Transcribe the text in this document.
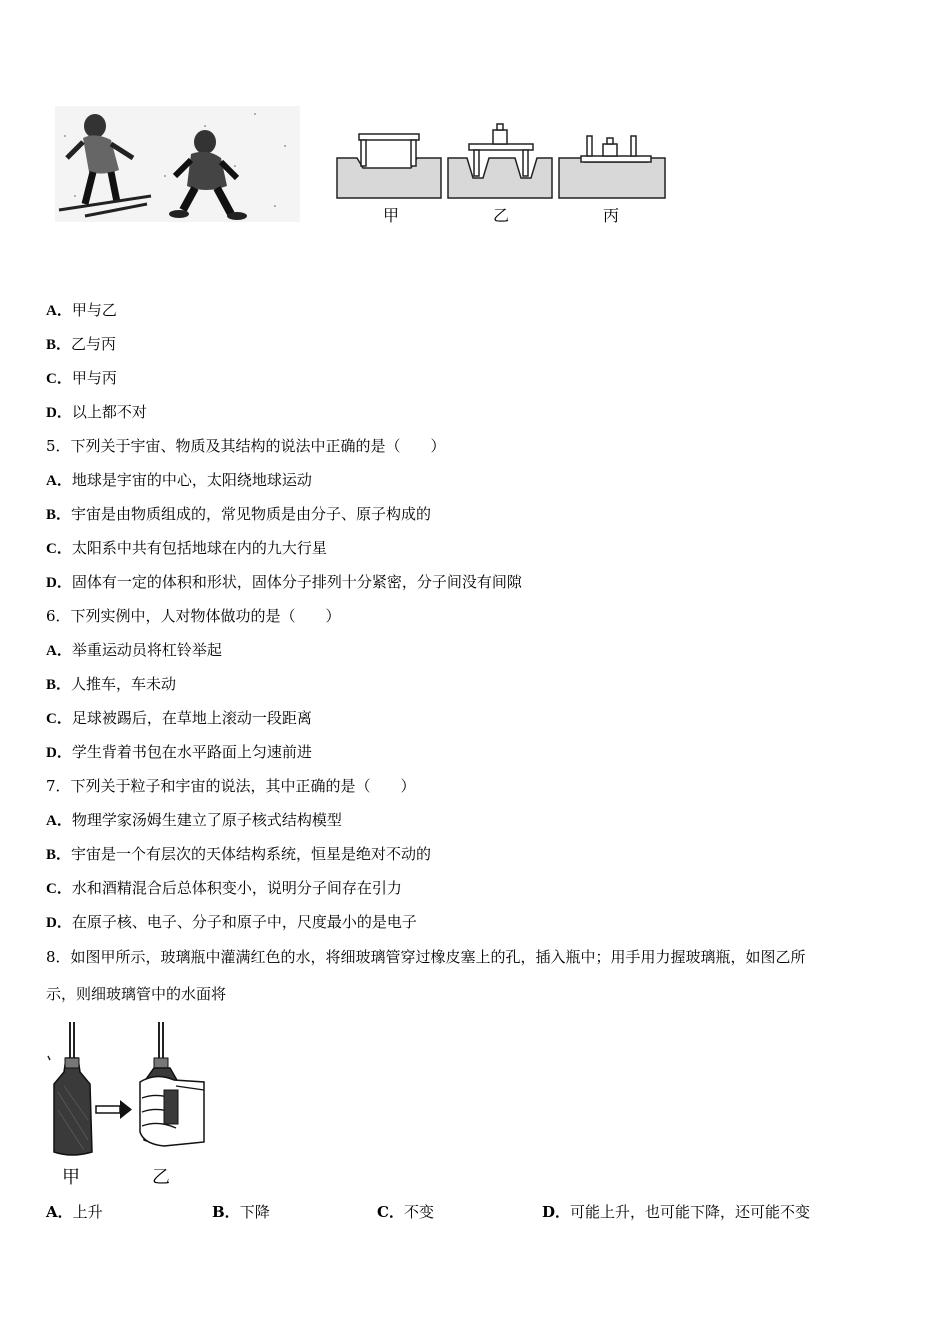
甲	乙	丙
A．甲与乙
B．乙与丙
C．甲与丙
D．以上都不对
5．下列关于宇宙、物质及其结构的说法中正确的是（　　）
A．地球是宇宙的中心，太阳绕地球运动
B．宇宙是由物质组成的，常见物质是由分子、原子构成的
C．太阳系中共有包括地球在内的九大行星
D．固体有一定的体积和形状，固体分子排列十分紧密，分子间没有间隙
6．下列实例中，人对物体做功的是（　　）
A．举重运动员将杠铃举起
B．人推车，车未动
C．足球被踢后，在草地上滚动一段距离
D．学生背着书包在水平路面上匀速前进
7．下列关于粒子和宇宙的说法，其中正确的是（　　）
A．物理学家汤姆生建立了原子核式结构模型
B．宇宙是一个有层次的天体结构系统，恒星是绝对不动的
C．水和酒精混合后总体积变小，说明分子间存在引力
D．在原子核、电子、分子和原子中，尺度最小的是电子
8．如图甲所示，玻璃瓶中灌满红色的水，将细玻璃管穿过橡皮塞上的孔，插入瓶中；用手用力握玻璃瓶，如图乙所
示，则细玻璃管中的水面将
甲	乙
A．上升	B．下降	C．不变	D．可能上升，也可能下降，还可能不变
